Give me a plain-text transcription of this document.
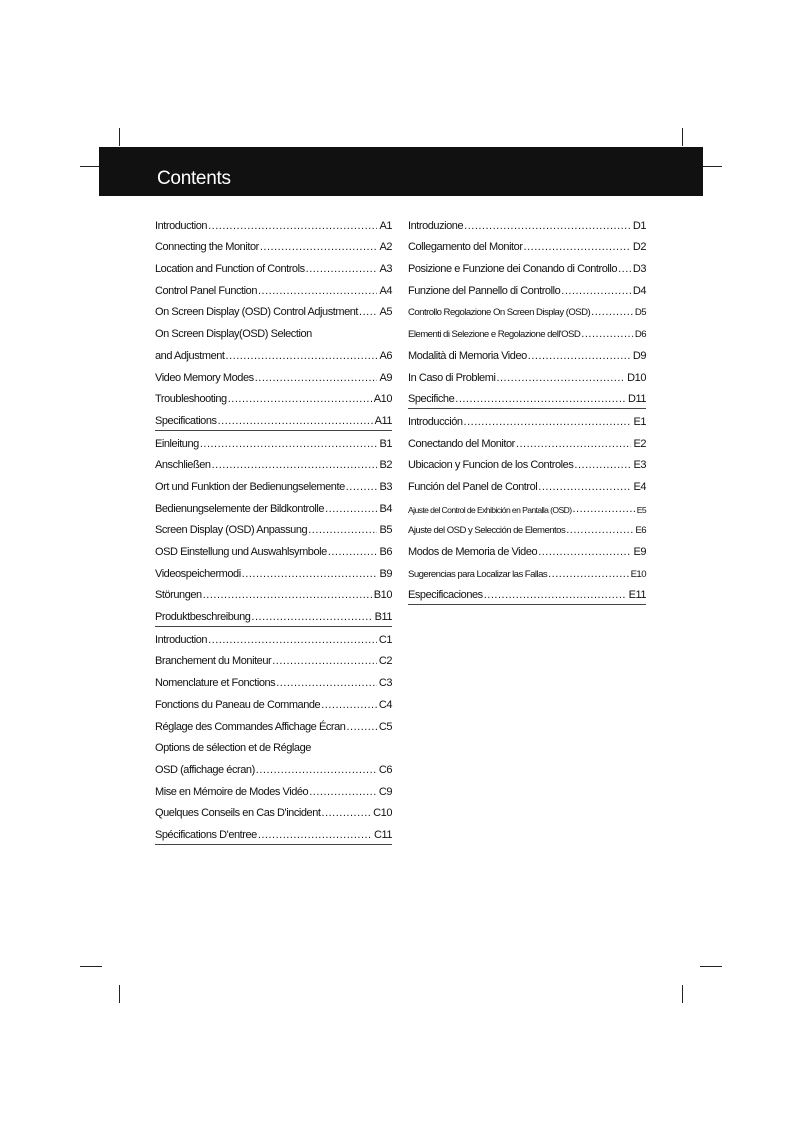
Contents
Introduction .....	A1
Connecting the Monitor .....	A2
Location and Function of Controls .....	A3
Control Panel Function .....	A4
On Screen Display (OSD) Control Adjustment ..... A5
On Screen Display(OSD) Selection
and Adjustment .....	A6
Video Memory Modes .....	A9
Troubleshooting .....	A10
Specifications .....	A11
Einleitung .....	B1
Anschließen .....	B2
Ort und Funktion der Bedienungselemente .....	B3
Bedienungselemente der Bildkontrolle .....	B4
Screen Display (OSD) Anpassung .....	B5
OSD Einstellung und Auswahlsymbole .....	B6
Videospeichermodi .....	B9
Störungen .....	B10
Produktbeschreibung .....	B11
Introduction .....	C1
Branchement du Moniteur .....	C2
Nomenclature et Fonctions .....	C3
Fonctions du Paneau de Commande .....	C4
Réglage des Commandes Affichage Écran .....	C5
Options de sélection et de Réglage
OSD (affichage écran) .....	C6
Mise en Mémoire de Modes Vidéo .....	C9
Quelques Conseils en Cas D'incident .....	C10
Spécifications D'entree .....	C11
Introduzione .....	D1
Collegamento del Monitor .....	D2
Posizione e Funzione dei Conando di Controllo ..... D3
Funzione del Pannello di Controllo .....	D4
Controllo Regolazione On Screen Display (OSD) .....	D5
Elementi di Selezione e Regolazione dell'OSD .....	D6
Modalità di Memoria Video .....	D9
In Caso di Problemi .....	D10
Specifiche .....	D11
Introducción .....	E1
Conectando del Monitor .....	E2
Ubicacion y Funcion de los Controles .....	E3
Función del Panel de Control .....	E4
Ajuste del Control de Exhibición en Pantalla (OSD) .....	E5
Ajuste del OSD y Selección de Elementos .....	E6
Modos de Memoria de Video .....	E9
Sugerencias para Localizar las Fallas .....	E10
Especificaciones .....	E11
